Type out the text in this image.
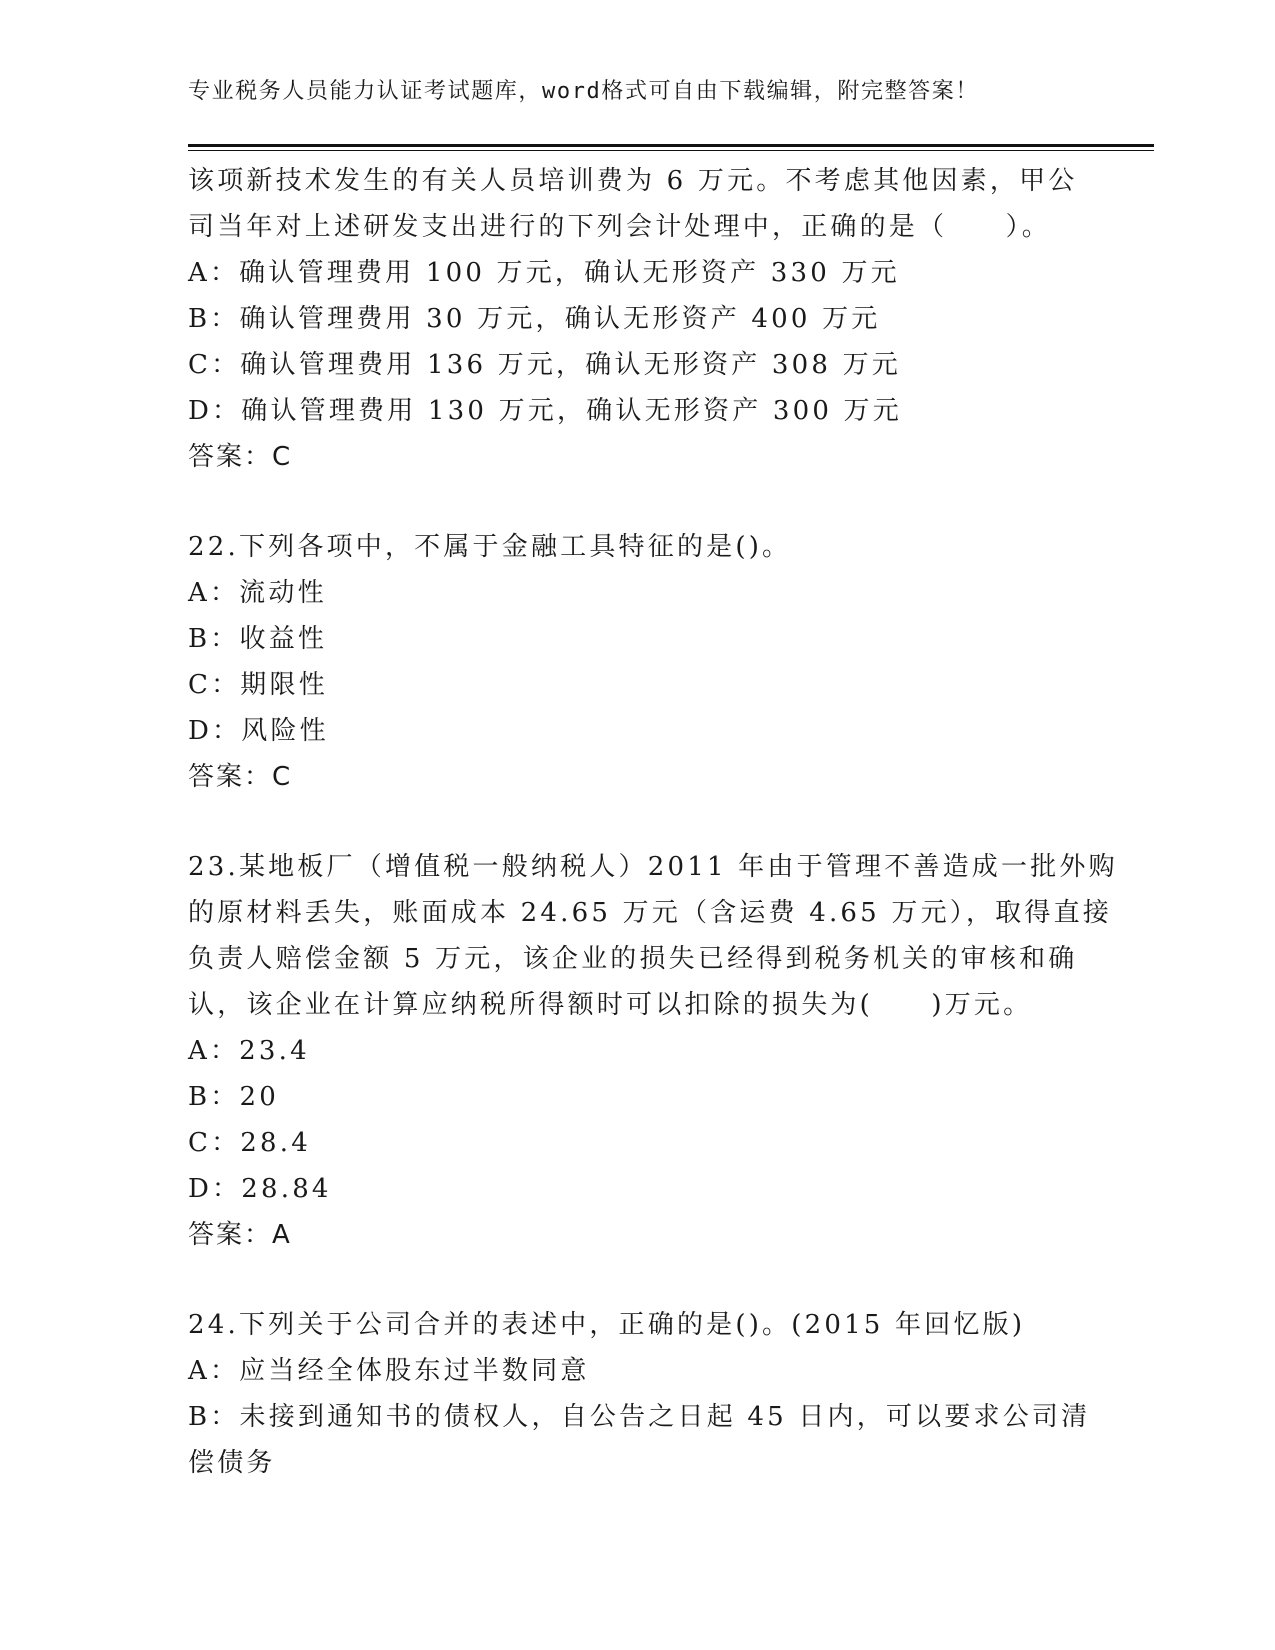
专业税务人员能力认证考试题库，word格式可自由下载编辑，附完整答案！
该项新技术发生的有关人员培训费为 6 万元。不考虑其他因素，甲公
司当年对上述研发支出进行的下列会计处理中，正确的是（　　）。
A：确认管理费用 100 万元，确认无形资产 330 万元
B：确认管理费用 30 万元，确认无形资产 400 万元
C：确认管理费用 136 万元，确认无形资产 308 万元
D：确认管理费用 130 万元，确认无形资产 300 万元
答案：C
22.下列各项中，不属于金融工具特征的是()。
A：流动性
B：收益性
C：期限性
D：风险性
答案：C
23.某地板厂（增值税一般纳税人）2011 年由于管理不善造成一批外购
的原材料丢失，账面成本 24.65 万元（含运费 4.65 万元），取得直接
负责人赔偿金额 5 万元，该企业的损失已经得到税务机关的审核和确
认，该企业在计算应纳税所得额时可以扣除的损失为(　　)万元。
A：23.4
B：20
C：28.4
D：28.84
答案：A
24.下列关于公司合并的表述中，正确的是()。(2015 年回忆版)
A：应当经全体股东过半数同意
B：未接到通知书的债权人，自公告之日起 45 日内，可以要求公司清
偿债务
